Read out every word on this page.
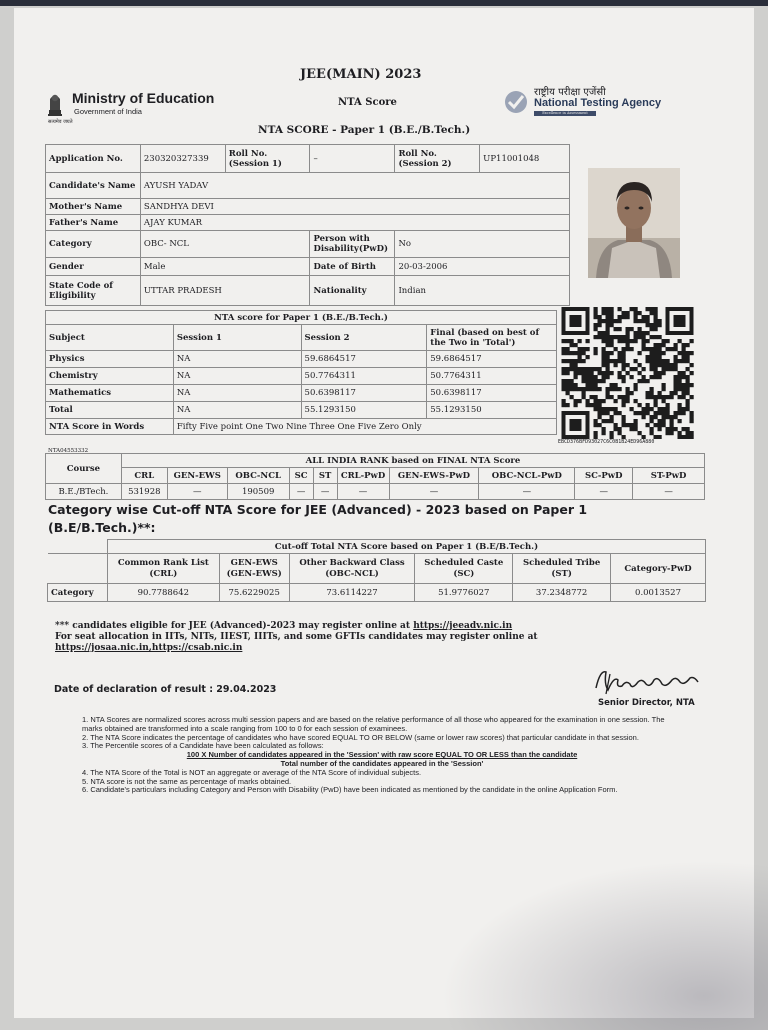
सत्यमेव जयते
Ministry of Education
Government of India
JEE(MAIN) 2023
NTA Score
NTA SCORE - Paper 1 (B.E./B.Tech.)
राष्ट्रीय परीक्षा एजेंसी
National Testing Agency
Excellence in Assessment
Application No.	230320327339	Roll No. (Session 1)	–	Roll No. (Session 2)	UP11001048
Candidate's Name	AYUSH YADAV				
Mother's Name	SANDHYA DEVI				
Father's Name	AJAY KUMAR				
Category	OBC- NCL		Person with Disability(PwD)	No	
Gender	Male		Date of Birth	20-03-2006	
State Code of Eligibility	UTTAR PRADESH		Nationality	Indian	
NTA score for Paper 1 (B.E./B.Tech.)			
Subject	Session 1	Session 2	Final (based on best of the Two in 'Total')
Physics	NA	59.6864517	59.6864517
Chemistry	NA	50.7764311	50.7764311
Mathematics	NA	50.6398117	50.6398117
Total	NA	55.1293150	55.1293150
NTA Score in Words	Fifty Five point One Two Nine Three One Five Zero Only		
EBCD376BFD93027C6C0B1B24ED96A880
NTA04553332
Course	ALL INDIA RANK based on FINAL NTA Score									
	CRL	GEN-EWS	OBC-NCL	SC	ST	CRL-PwD	GEN-EWS-PwD	OBC-NCL-PwD	SC-PwD	ST-PwD
B.E./BTech.	531928	—	190509	—	—	—	—	—	—	—
Category wise Cut-off NTA Score for JEE (Advanced) - 2023 based on Paper 1 (B.E/B.Tech.)**:
	Cut-off Total NTA Score based on Paper 1 (B.E/B.Tech.)					
	Common Rank List (CRL)	GEN-EWS (GEN-EWS)	Other Backward Class (OBC-NCL)	Scheduled Caste (SC)	Scheduled Tribe (ST)	Category-PwD
Category	90.7788642	75.6229025	73.6114227	51.9776027	37.2348772	0.0013527
*** candidates eligible for JEE (Advanced)-2023 may register online at https://jeeadv.nic.in
For seat allocation in IITs, NITs, IIEST, IIITs, and some GFTIs candidates may register online at
https://josaa.nic.in,https://csab.nic.in
Date of declaration of result : 29.04.2023
Senior Director, NTA

1. NTA Scores are normalized scores across multi session papers and are based on the relative performance of all those who appeared for the examination in one session. The marks obtained are transformed into a scale ranging from 100 to 0 for each session of examinees.

2. The NTA Score indicates the percentage of candidates who have scored EQUAL TO OR BELOW (same or lower raw scores) that particular candidate in that session.

3. The Percentile scores of a Candidate have been calculated as follows:

100 X Number of candidates appeared in the 'Session' with raw score EQUAL TO OR LESS than the candidate

Total number of the candidates appeared in the 'Session'

4. The NTA Score of the Total is NOT an aggregate or average of the NTA Score of individual subjects.

5. NTA score is not the same as percentage of marks obtained.

6. Candidate's particulars including Category and Person with Disability (PwD) have been indicated as mentioned by the candidate in the online Application Form.
